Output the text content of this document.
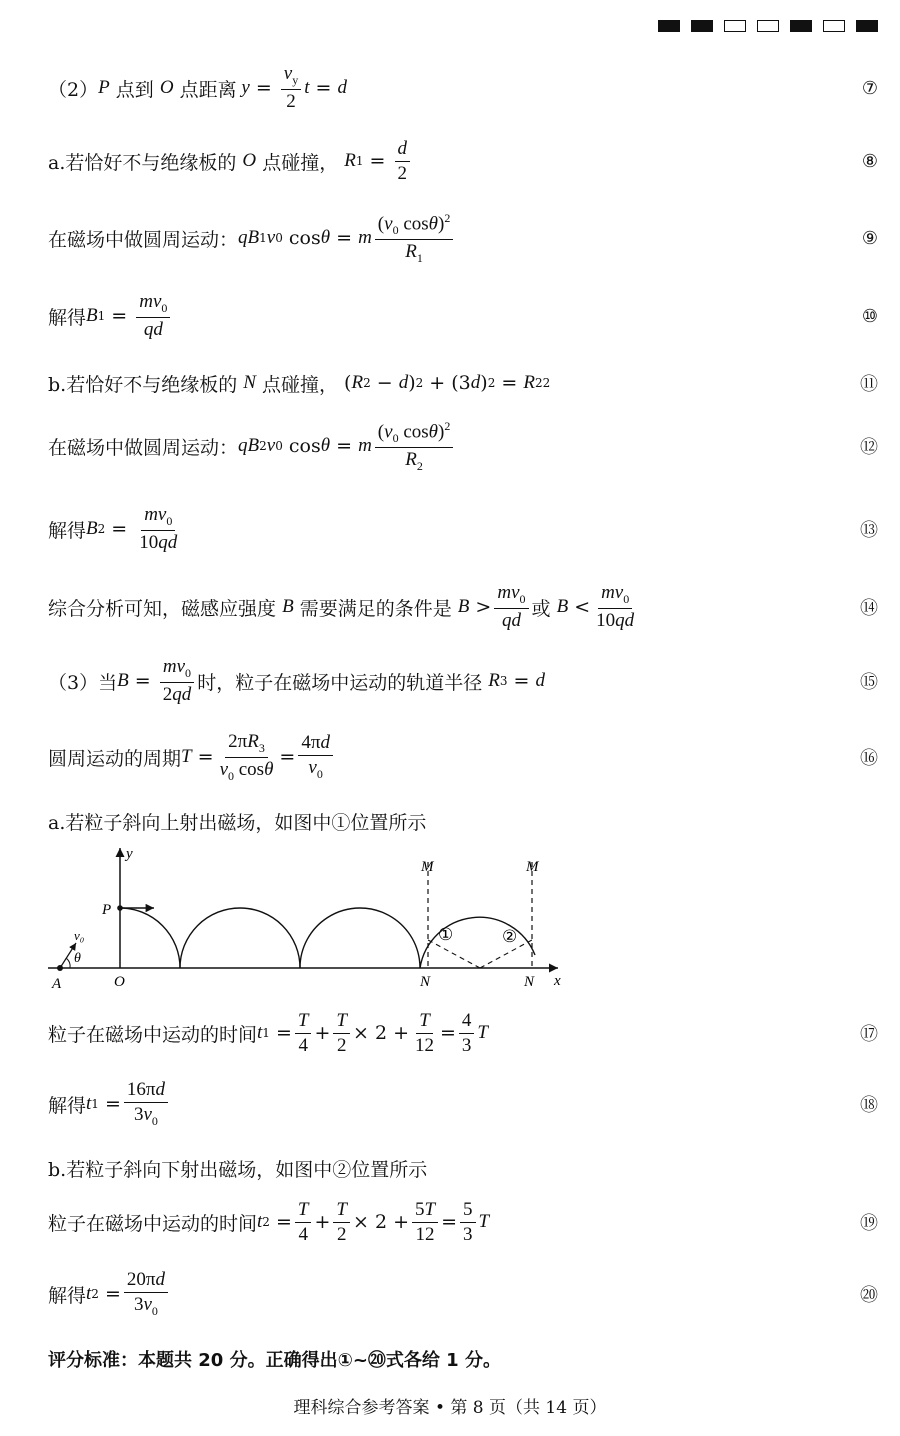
（2） P
点到
O
点距离 $y = \frac{v_y}{2}$ t = d	⑦
a.若恰好不与绝缘板的
O
点碰撞，
R $1 = \frac{d}{2}$	⑧
在磁场中做圆周运动： qB 1 v 0 cos θ = m $\frac{(v_0 \cos\theta)^2}{R_1}$	⑨
解得 B $1 = \frac{mv_0}{qd}$	⑩
b.若恰好不与绝缘板的
N
点碰撞， ( R 2 − d ) 2 + (3 d ) 2 = R 2 2	⑪
在磁场中做圆周运动： qB 2 v 0 cos θ = m $\frac{(v_0 \cos\theta)^2}{R_2}$	⑫
解得 B $2 = \frac{mv_0}{10qd}$	⑬
综合分析可知，磁感应强度
B
需要满足的条件是
$B > \frac{mv_0}{qd}$ 或
$B < \frac{mv_0}{10qd}$	⑭
（3）当 $B = \frac{mv_0}{2qd}$ 时，粒子在磁场中运动的轨道半径
R 3 = d	⑮
圆周运动的周期 $T = \frac{2\pi R_3}{v_0 \cos\theta} = \frac{4\pi d}{v_0}$	⑯
a.若粒子斜向上射出磁场，如图中①位置所示
y
x
P
O
A
v₀
θ
M	M
N	N
①	②
粒子在磁场中运动的时间 t $1 = \frac{T}{4} + \frac{T}{2} \times 2 + \frac{T}{12} = \frac{4}{3}$ T	⑰
解得 t $1 = \frac{16\pi d}{3v_0}$	⑱
b.若粒子斜向下射出磁场，如图中②位置所示
粒子在磁场中运动的时间 t $2 = \frac{T}{4} + \frac{T}{2} \times 2 + \frac{5T}{12} = \frac{5}{3}$ T	⑲
解得 t $2 = \frac{20\pi d}{3v_0}$	⑳
评分标准：本题共 20 分。正确得出①~⑳式各给 1 分。
理科综合参考答案 • 第 8 页（共 14 页）
